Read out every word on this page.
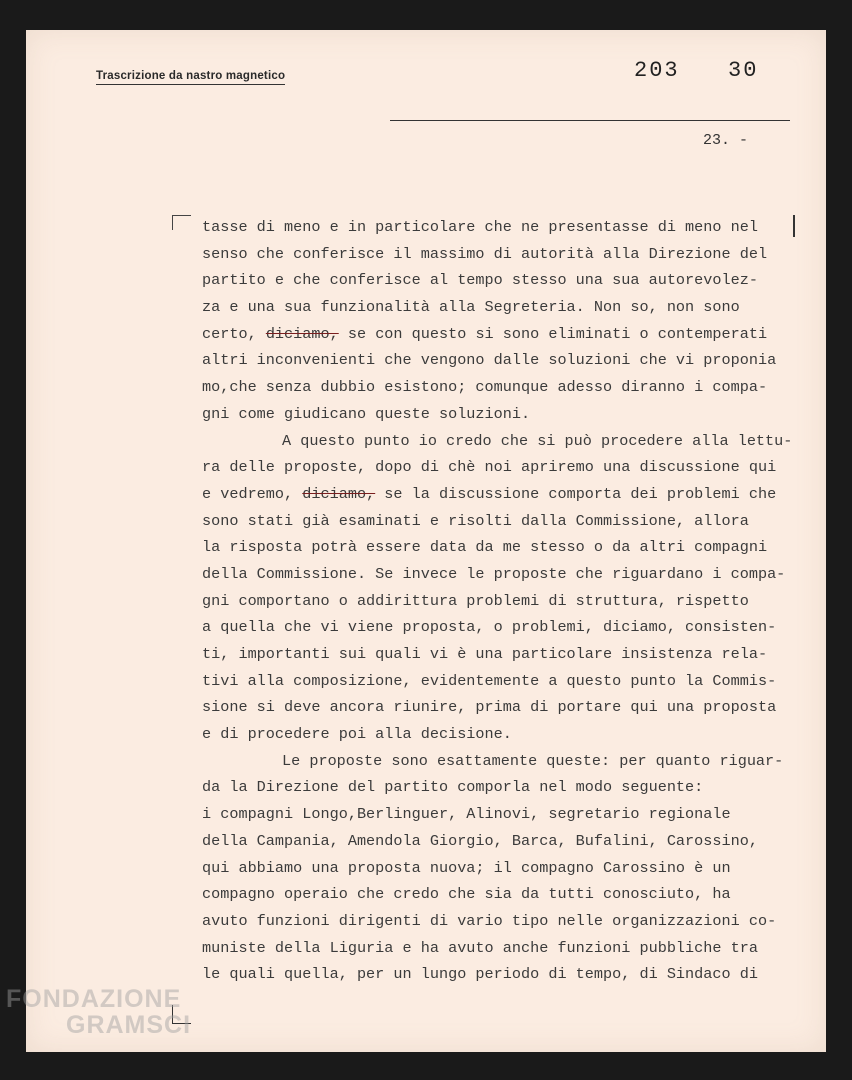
Trascrizione da nastro magnetico	203 30
23. -
tasse di meno e in particolare che ne presentasse di meno nel
senso che conferisce il massimo di autorità alla Direzione del
partito e che conferisce al tempo stesso una sua autorevolez-
za e una sua funzionalità alla Segreteria. Non so, non sono
certo, diciamo, se con questo si sono eliminati o contemperati
altri inconvenienti che vengono dalle soluzioni che vi proponia
mo,che senza dubbio esistono; comunque adesso diranno i compa-
gni come giudicano queste soluzioni.
A questo punto io credo che si può procedere alla lettu-
ra delle proposte, dopo di chè noi apriremo una discussione qui
e vedremo, diciamo, se la discussione comporta dei problemi che
sono stati già esaminati e risolti dalla Commissione, allora
la risposta potrà essere data da me stesso o da altri compagni
della Commissione. Se invece le proposte che riguardano i compa-
gni comportano o addirittura problemi di struttura, rispetto
a quella che vi viene proposta, o problemi, diciamo, consisten-
ti, importanti sui quali vi è una particolare insistenza rela-
tivi alla composizione, evidentemente a questo punto la Commis-
sione si deve ancora riunire, prima di portare qui una proposta
e di procedere poi alla decisione.
Le proposte sono esattamente queste: per quanto riguar-
da la Direzione del partito comporla nel modo seguente:
i compagni Longo,Berlinguer, Alinovi, segretario regionale
della Campania, Amendola Giorgio, Barca, Bufalini, Carossino,
qui abbiamo una proposta nuova; il compagno Carossino è un
compagno operaio che credo che sia da tutti conosciuto, ha
avuto funzioni dirigenti di vario tipo nelle organizzazioni co-
muniste della Liguria e ha avuto anche funzioni pubbliche tra
le quali quella, per un lungo periodo di tempo, di Sindaco di
FONDAZIONE
GRAMSCI
